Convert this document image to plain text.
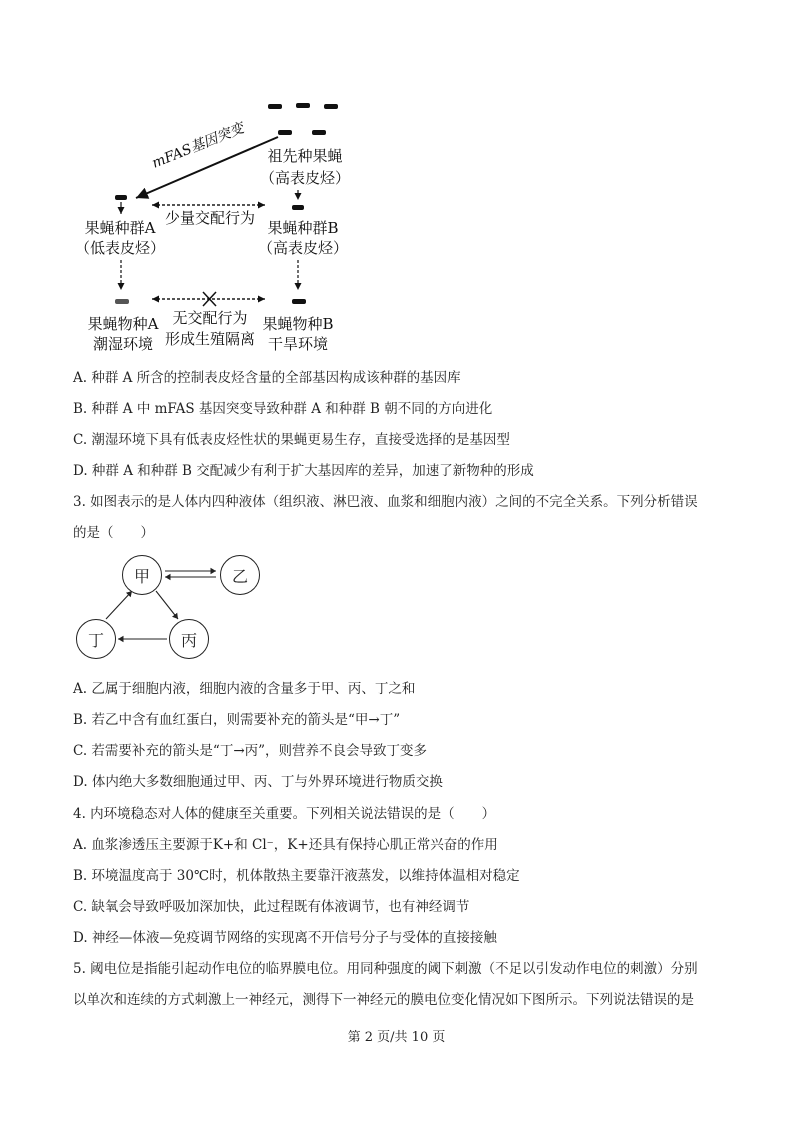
mFAS基因突变	祖先种果蝇
（高表皮烃）
果蝇种群A
（低表皮烃）
少量交配行为
果蝇种群B
（高表皮烃）
果蝇物种A
潮湿环境
无交配行为
形成生殖隔离
果蝇物种B
干旱环境
A. 种群 A 所含的控制表皮烃含量的全部基因构成该种群的基因库
B. 种群 A 中 mFAS 基因突变导致种群 A 和种群 B 朝不同的方向进化
C. 潮湿环境下具有低表皮烃性状的果蝇更易生存，直接受选择的是基因型
D. 种群 A 和种群 B 交配减少有利于扩大基因库的差异，加速了新物种的形成
3. 如图表示的是人体内四种液体（组织液、淋巴液、血浆和细胞内液）之间的不完全关系。下列分析错误
的是（　　）
甲	乙
丁	丙
A. 乙属于细胞内液，细胞内液的含量多于甲、丙、丁之和
B. 若乙中含有血红蛋白，则需要补充的箭头是“甲→丁”
C. 若需要补充的箭头是“丁→丙”，则营养不良会导致丁变多
D. 体内绝大多数细胞通过甲、丙、丁与外界环境进行物质交换
4. 内环境稳态对人体的健康至关重要。下列相关说法错误的是（　　）
A. 血浆渗透压主要源于K+和 Cl⁻，K+还具有保持心肌正常兴奋的作用
B. 环境温度高于 30℃时，机体散热主要靠汗液蒸发，以维持体温相对稳定
C. 缺氧会导致呼吸加深加快，此过程既有体液调节，也有神经调节
D. 神经—体液—免疫调节网络的实现离不开信号分子与受体的直接接触
5. 阈电位是指能引起动作电位的临界膜电位。用同种强度的阈下刺激（不足以引发动作电位的刺激）分别
以单次和连续的方式刺激上一神经元，测得下一神经元的膜电位变化情况如下图所示。下列说法错误的是
第 2 页/共 10 页
